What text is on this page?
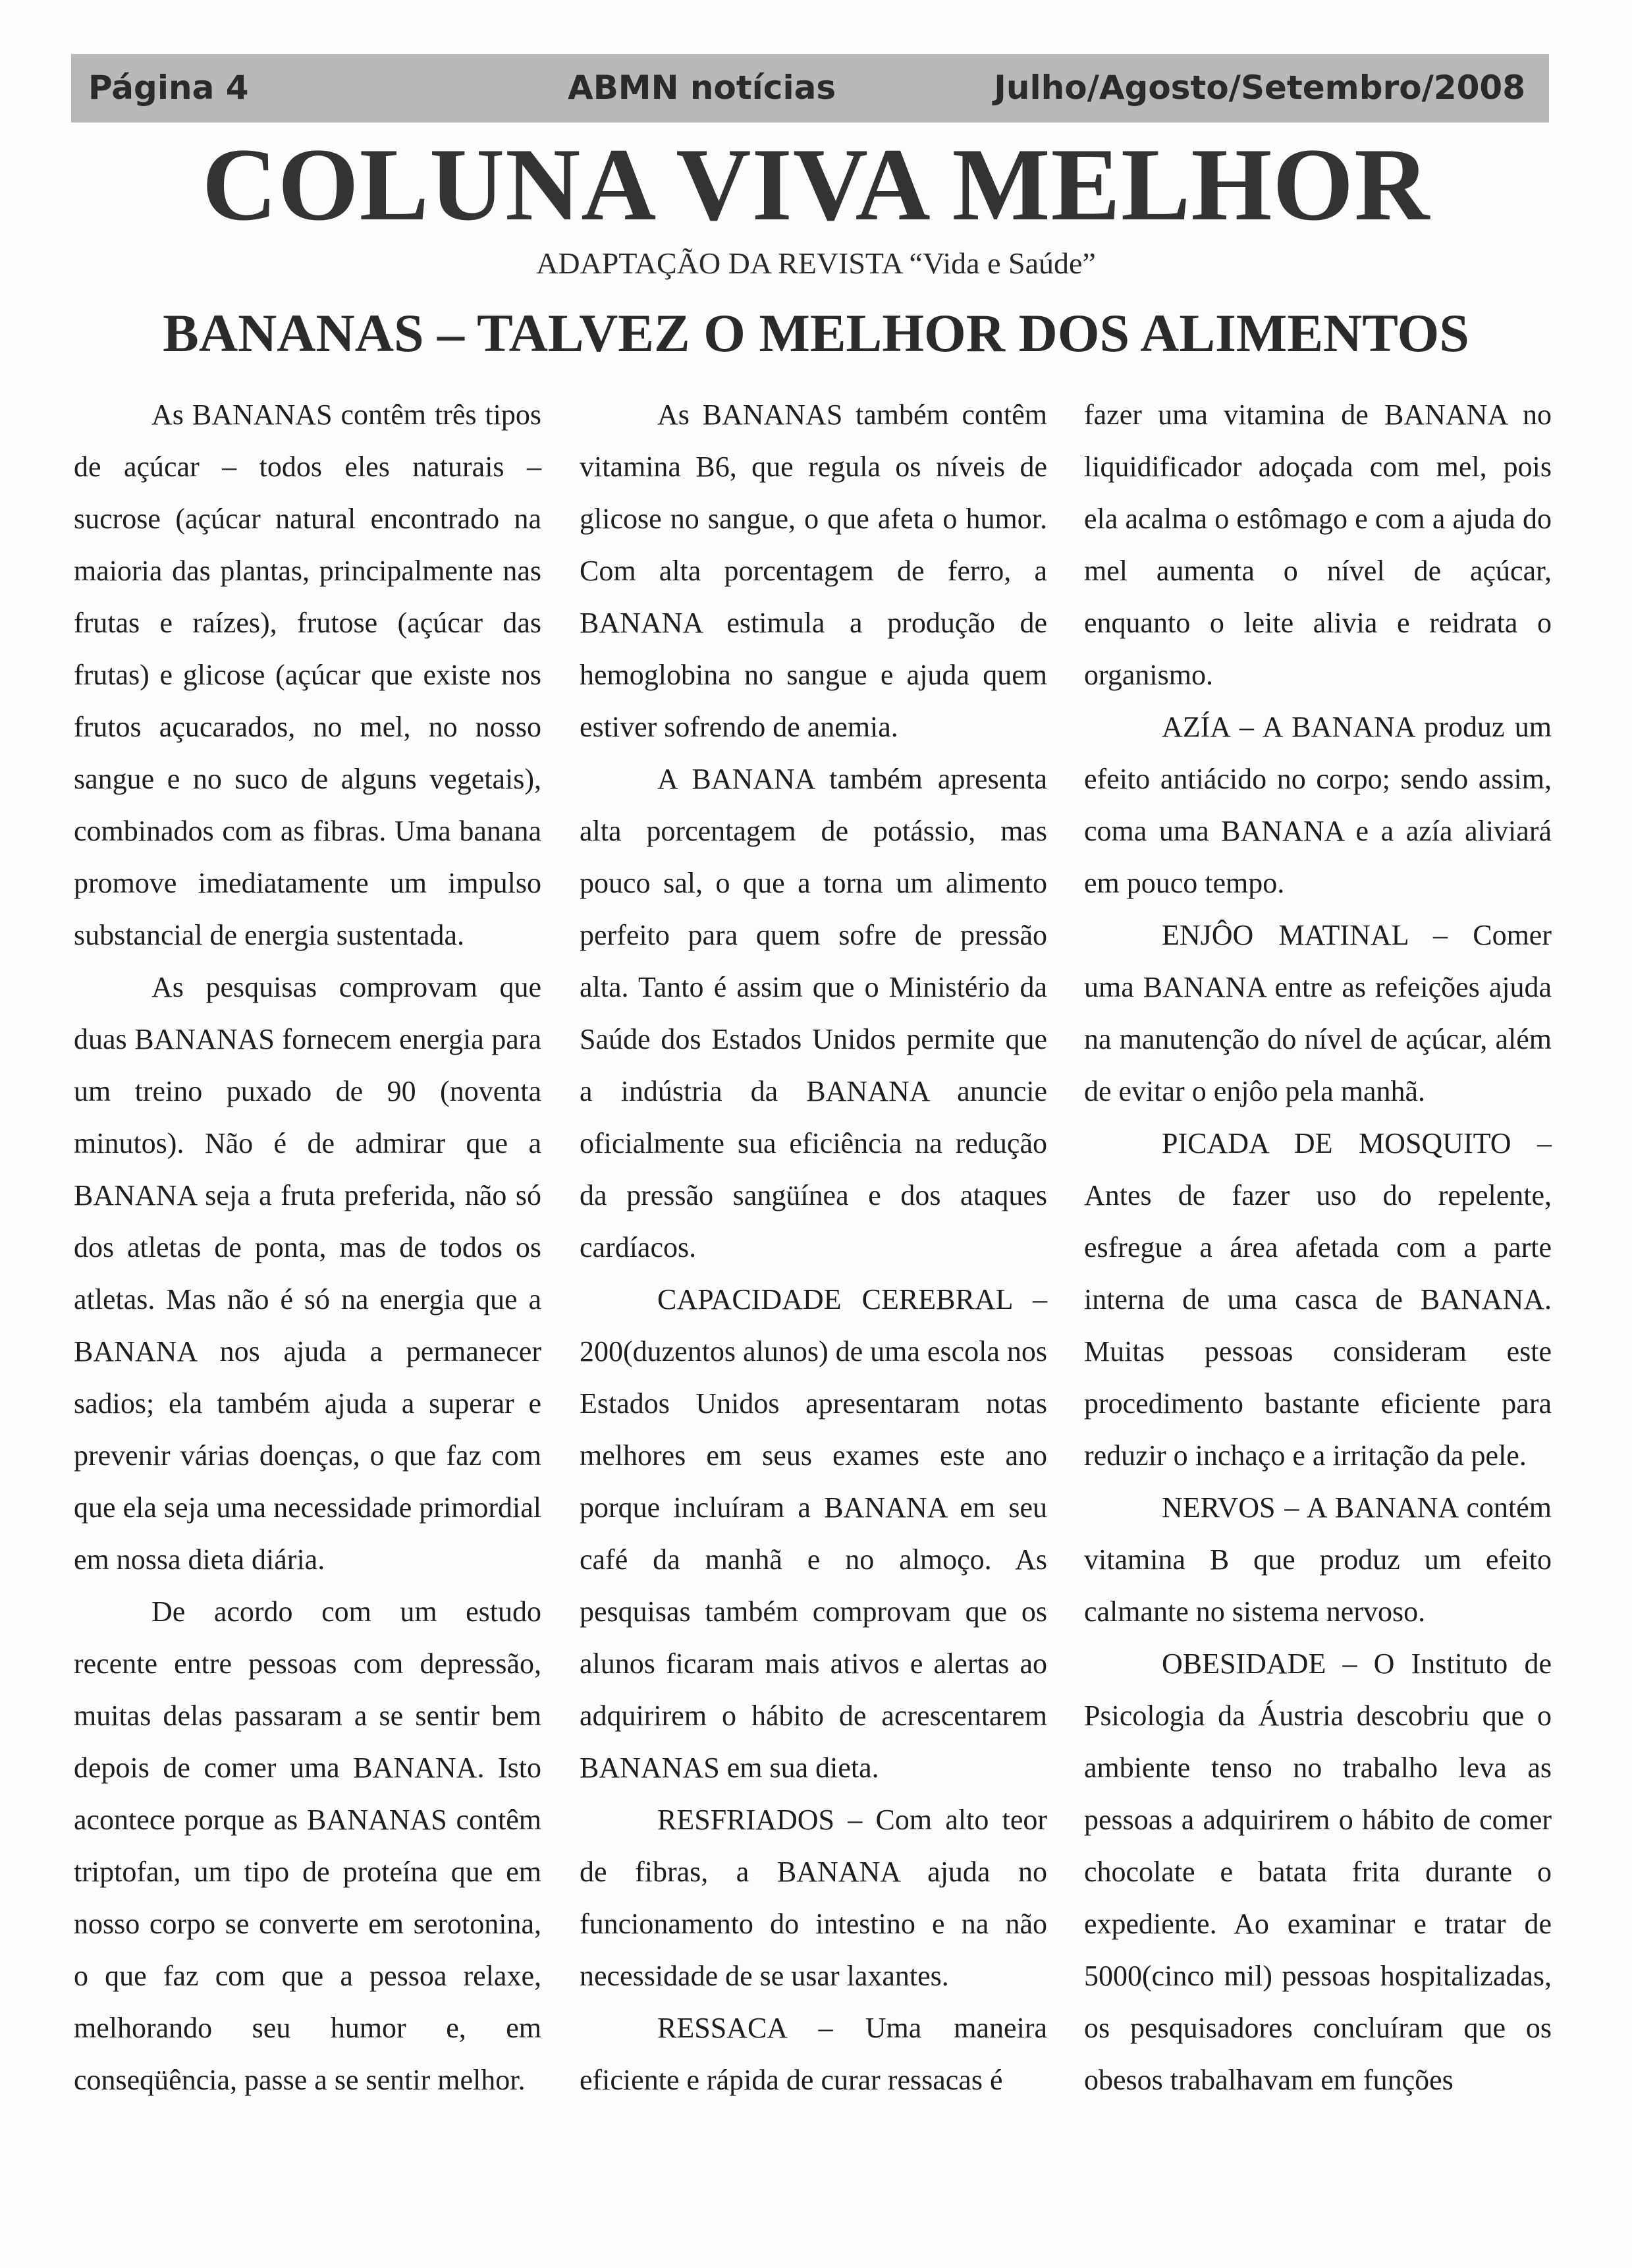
Página 4	ABMN notícias	Julho/Agosto/Setembro/2008
COLUNA VIVA MELHOR
ADAPTAÇÃO DA REVISTA “Vida e Saúde”
BANANAS – TALVEZ O MELHOR DOS ALIMENTOS

As BANANAS contêm três tipos de açúcar – todos eles naturais – sucrose (açúcar natural encontrado na maioria das plantas, principalmente nas frutas e raízes), frutose (açúcar das frutas) e glicose (açúcar que existe nos frutos açucarados, no mel, no nosso sangue e no suco de alguns vegetais), combinados com as fibras. Uma banana promove imediatamente um impulso substancial de energia sustentada.

As pesquisas comprovam que duas BANANAS fornecem energia para um treino puxado de 90 (noventa minutos). Não é de admirar que a BANANA seja a fruta preferida, não só dos atletas de ponta, mas de todos os atletas. Mas não é só na energia que a BANANA nos ajuda a permanecer sadios; ela também ajuda a superar e prevenir várias doenças, o que faz com que ela seja uma necessidade primordial em nossa dieta diária.

De acordo com um estudo recente entre pessoas com depressão, muitas delas passaram a se sentir bem depois de comer uma BANANA. Isto acontece porque as BANANAS contêm triptofan, um tipo de proteína que em nosso corpo se converte em serotonina, o que faz com que a pessoa relaxe, melhorando seu humor e, em conseqüência, passe a se sentir melhor.

As BANANAS também contêm vitamina B6, que regula os níveis de glicose no sangue, o que afeta o humor. Com alta porcentagem de ferro, a BANANA estimula a produção de hemoglobina no sangue e ajuda quem estiver sofrendo de anemia.

A BANANA também apresenta alta porcentagem de potássio, mas pouco sal, o que a torna um alimento perfeito para quem sofre de pressão alta. Tanto é assim que o Ministério da Saúde dos Estados Unidos permite que a indústria da BANANA anuncie oficialmente sua eficiência na redução da pressão sangüínea e dos ataques cardíacos.

CAPACIDADE CEREBRAL – 200(duzentos alunos) de uma escola nos Estados Unidos apresentaram notas melhores em seus exames este ano porque incluíram a BANANA em seu café da manhã e no almoço. As pesquisas também comprovam que os alunos ficaram mais ativos e alertas ao adquirirem o hábito de acrescentarem BANANAS em sua dieta.

RESFRIADOS – Com alto teor de fibras, a BANANA ajuda no funcionamento do intestino e na não necessidade de se usar laxantes.

RESSACA – Uma maneira eficiente e rápida de curar ressacas é

fazer uma vitamina de BANANA no liquidificador adoçada com mel, pois ela acalma o estômago e com a ajuda do mel aumenta o nível de açúcar, enquanto o leite alivia e reidrata o organismo.

AZÍA – A BANANA produz um efeito antiácido no corpo; sendo assim, coma uma BANANA e a azía aliviará em pouco tempo.

ENJÔO MATINAL – Comer uma BANANA entre as refeições ajuda na manutenção do nível de açúcar, além de evitar o enjôo pela manhã.

PICADA DE MOSQUITO – Antes de fazer uso do repelente, esfregue a área afetada com a parte interna de uma casca de BANANA. Muitas pessoas consideram este procedimento bastante eficiente para reduzir o inchaço e a irritação da pele.

NERVOS – A BANANA contém vitamina B que produz um efeito calmante no sistema nervoso.

OBESIDADE – O Instituto de Psicologia da Áustria descobriu que o ambiente tenso no trabalho leva as pessoas a adquirirem o hábito de comer chocolate e batata frita durante o expediente. Ao examinar e tratar de 5000(cinco mil) pessoas hospitalizadas, os pesquisadores concluíram que os obesos trabalhavam em funções
